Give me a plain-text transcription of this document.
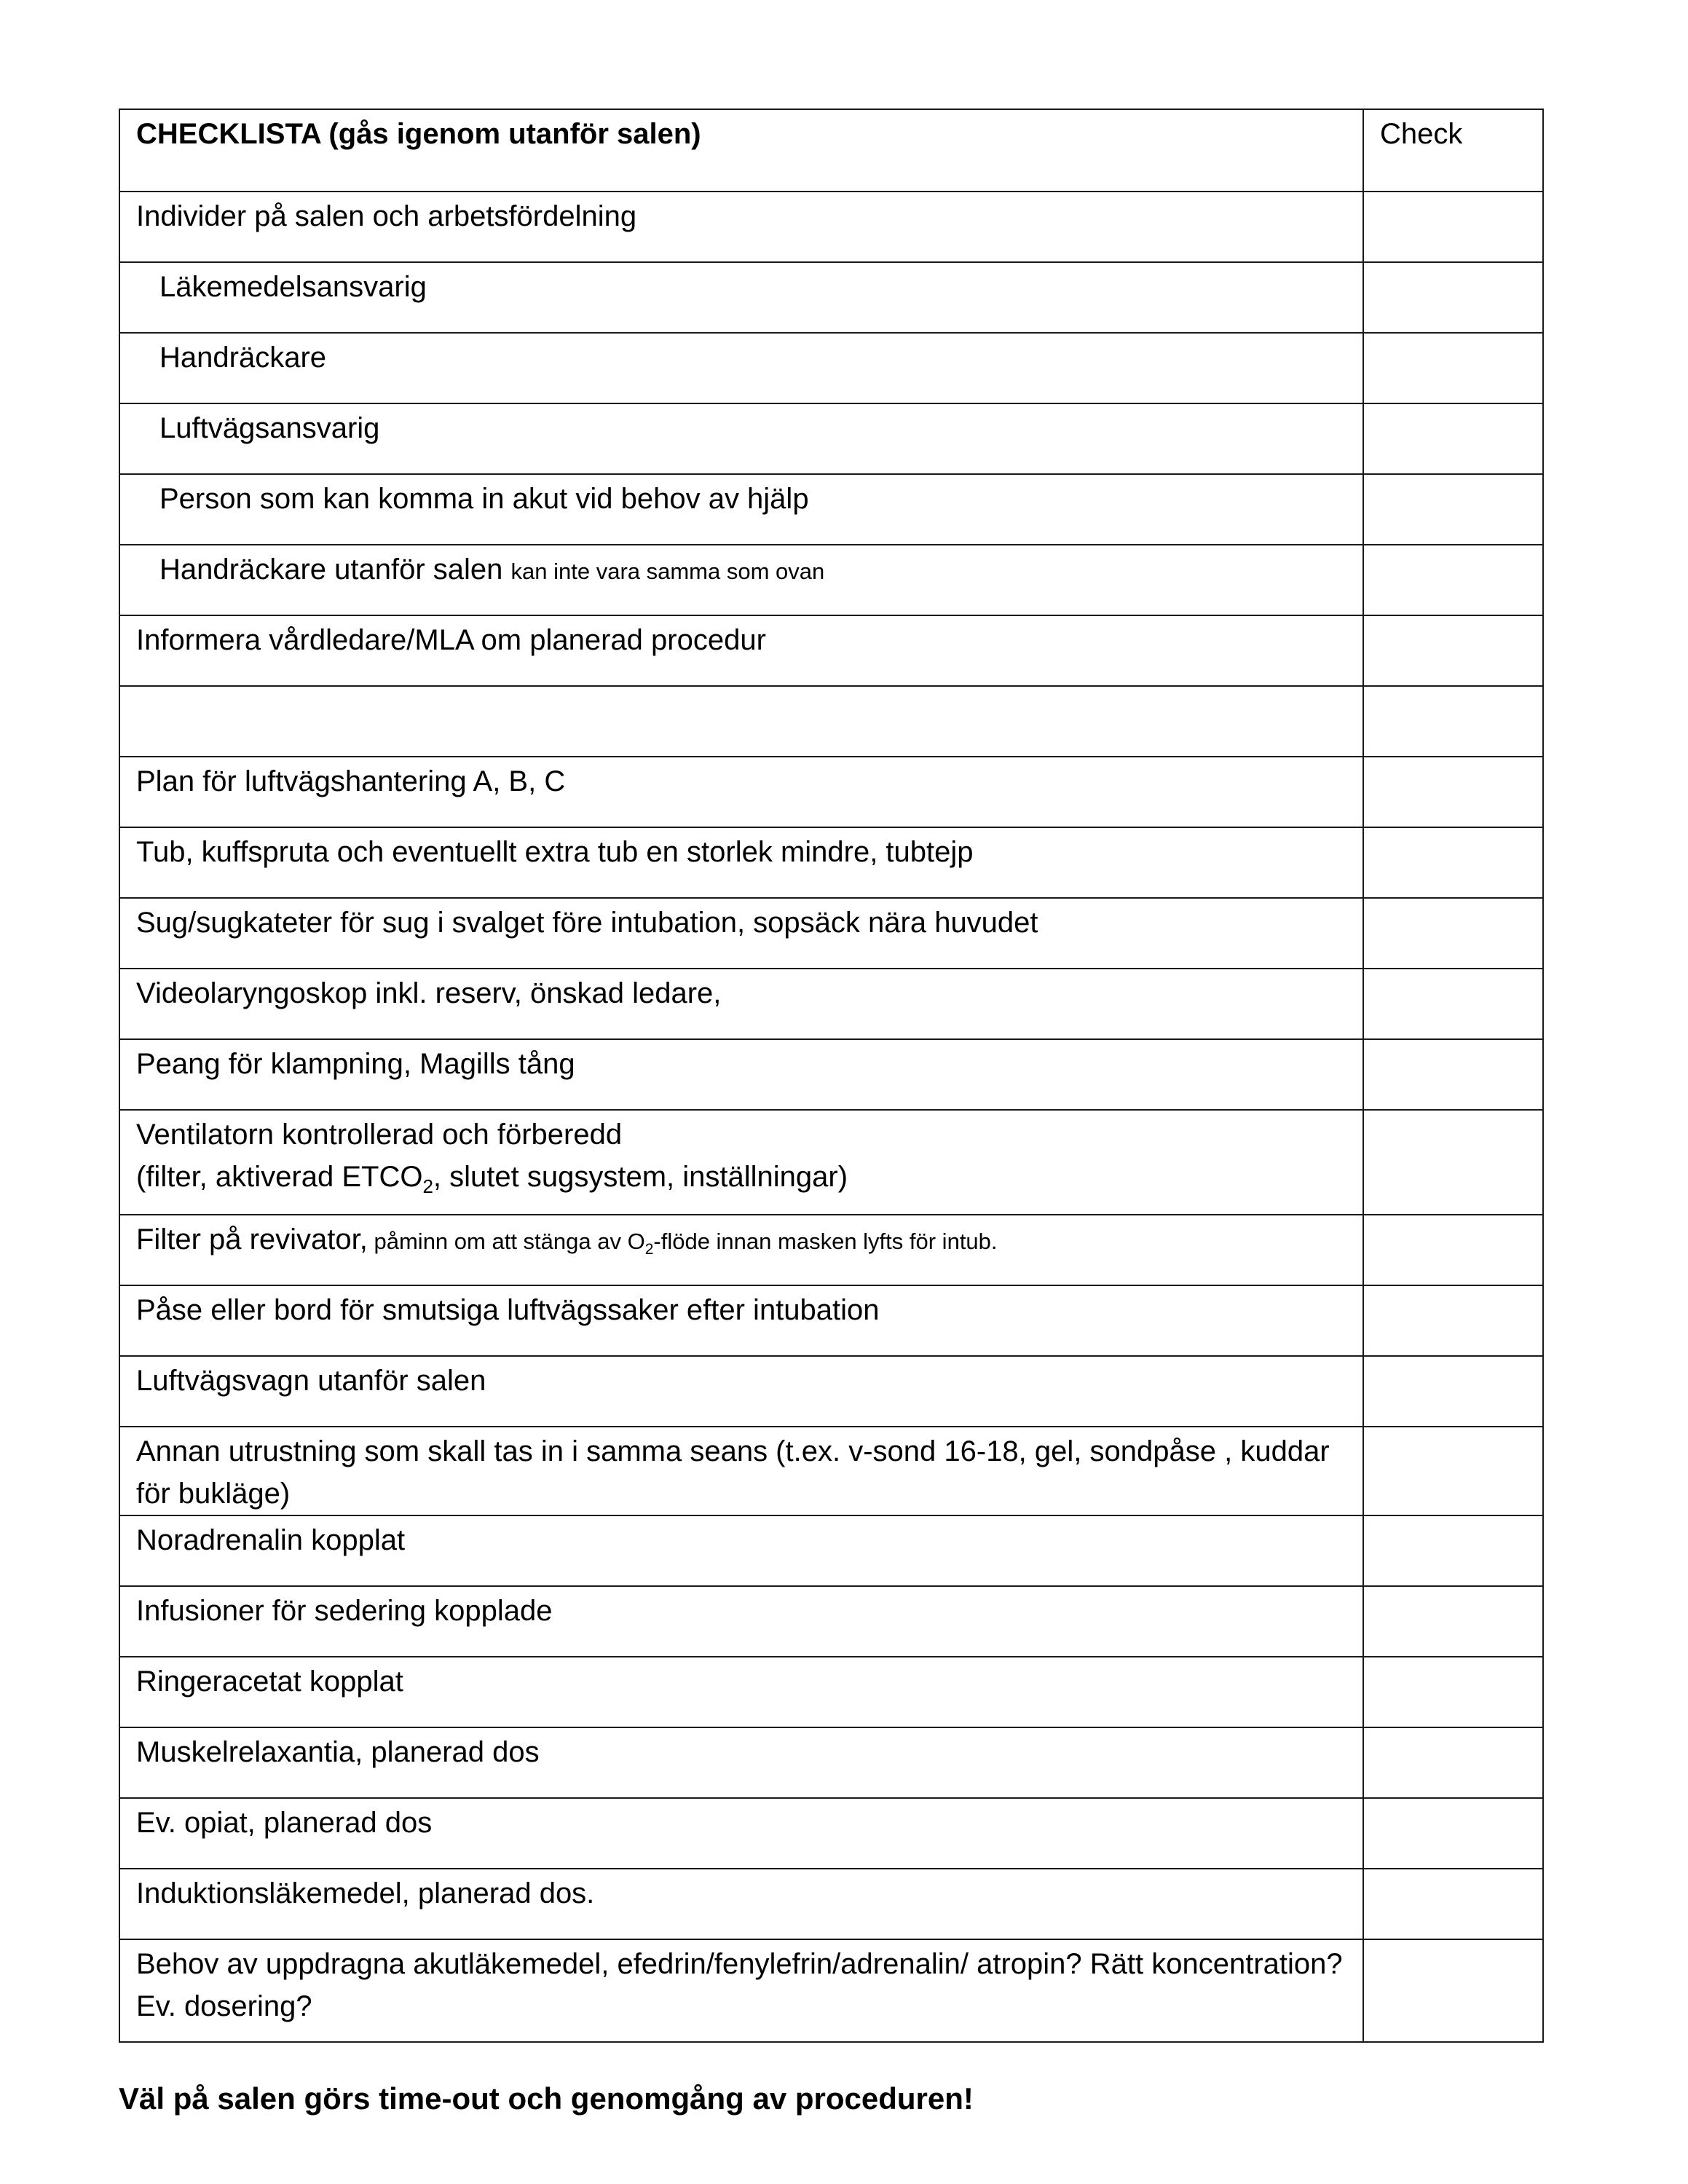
CHECKLISTA (gås igenom utanför salen)	Check
Individer på salen och arbetsfördelning	
Läkemedelsansvarig	
Handräckare	
Luftvägsansvarig	
Person som kan komma in akut vid behov av hjälp	
Handräckare utanför salen kan inte vara samma som ovan	
Informera vårdledare/MLA om planerad procedur	

Plan för luftvägshantering A, B, C	
Tub, kuffspruta och eventuellt extra tub en storlek mindre, tubtejp	
Sug/sugkateter för sug i svalget före intubation, sopsäck nära huvudet	
Videolaryngoskop inkl. reserv, önskad ledare,	
Peang för klampning, Magills tång	
Ventilatorn kontrollerad och förberedd
(filter, aktiverad $ETCO_2$, slutet sugsystem, inställningar)	
Filter på revivator, påminn om att stänga av $O_2$-flöde innan masken lyfts för intub.	
Påse eller bord för smutsiga luftvägssaker efter intubation	
Luftvägsvagn utanför salen	
Annan utrustning som skall tas in i samma seans (t.ex. v-sond 16-18, gel, sondpåse , kuddar för bukläge)	
Noradrenalin kopplat	
Infusioner för sedering kopplade	
Ringeracetat kopplat	
Muskelrelaxantia, planerad dos	
Ev. opiat, planerad dos	
Induktionsläkemedel, planerad dos.	
Behov av uppdragna akutläkemedel, efedrin/fenylefrin/adrenalin/ atropin? Rätt koncentration? Ev. dosering?	
Väl på salen görs time-out och genomgång av proceduren!
